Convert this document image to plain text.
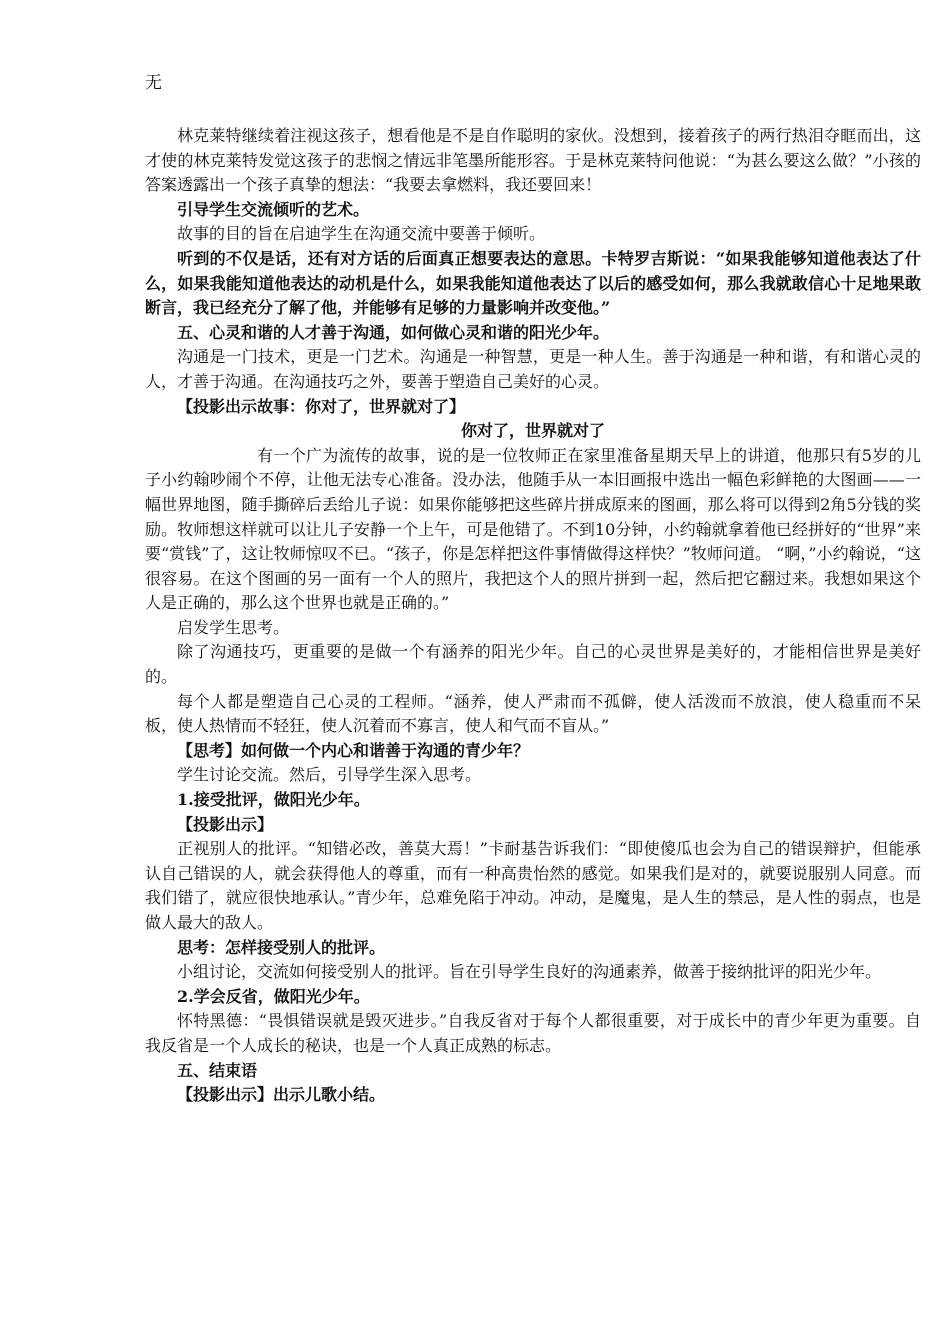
无

林克莱特继续着注视这孩子，想看他是不是自作聪明的家伙。没想到，接着孩子的两行热泪夺眶而出，这才使的林克莱特发觉这孩子的悲悯之情远非笔墨所能形容。于是林克莱特问他说：“为甚么要这么做？”小孩的答案透露出一个孩子真挚的想法：“我要去拿燃料，我还要回来！

引导学生交流倾听的艺术。

故事的目的旨在启迪学生在沟通交流中要善于倾听。

听到的不仅是话，还有对方话的后面真正想要表达的意思。卡特罗吉斯说：“如果我能够知道他表达了什么，如果我能知道他表达的动机是什么，如果我能知道他表达了以后的感受如何，那么我就敢信心十足地果敢断言，我已经充分了解了他，并能够有足够的力量影响并改变他。”

五、心灵和谐的人才善于沟通，如何做心灵和谐的阳光少年。

沟通是一门技术，更是一门艺术。沟通是一种智慧，更是一种人生。善于沟通是一种和谐，有和谐心灵的人，才善于沟通。在沟通技巧之外，要善于塑造自己美好的心灵。

【投影出示故事：你对了，世界就对了】

你对了，世界就对了

有一个广为流传的故事，说的是一位牧师正在家里准备星期天早上的讲道，他那只有5岁的儿子小约翰吵闹个不停，让他无法专心准备。没办法，他随手从一本旧画报中选出一幅色彩鲜艳的大图画——一幅世界地图，随手撕碎后丢给儿子说：如果你能够把这些碎片拼成原来的图画，那么将可以得到2角5分钱的奖励。牧师想这样就可以让儿子安静一个上午，可是他错了。不到10分钟，小约翰就拿着他已经拼好的“世界”来要“赏钱”了，这让牧师惊叹不已。“孩子，你是怎样把这件事情做得这样快？”牧师问道。 “啊，”小约翰说，“这很容易。在这个图画的另一面有一个人的照片，我把这个人的照片拼到一起，然后把它翻过来。我想如果这个人是正确的，那么这个世界也就是正确的。”

启发学生思考。

除了沟通技巧，更重要的是做一个有涵养的阳光少年。自己的心灵世界是美好的，才能相信世界是美好的。

每个人都是塑造自己心灵的工程师。“涵养，使人严肃而不孤僻，使人活泼而不放浪，使人稳重而不呆板，使人热情而不轻狂，使人沉着而不寡言，使人和气而不盲从。”

【思考】如何做一个内心和谐善于沟通的青少年？

学生讨论交流。然后，引导学生深入思考。

1.接受批评，做阳光少年。

【投影出示】

正视别人的批评。“知错必改，善莫大焉！”卡耐基告诉我们：“即使傻瓜也会为自己的错误辩护，但能承认自己错误的人，就会获得他人的尊重，而有一种高贵怡然的感觉。如果我们是对的，就要说服别人同意。而我们错了，就应很快地承认。”青少年，总难免陷于冲动。冲动，是魔鬼，是人生的禁忌，是人性的弱点，也是做人最大的敌人。

思考：怎样接受别人的批评。

小组讨论，交流如何接受别人的批评。旨在引导学生良好的沟通素养，做善于接纳批评的阳光少年。

2.学会反省，做阳光少年。

怀特黑德：“畏惧错误就是毁灭进步。”自我反省对于每个人都很重要，对于成长中的青少年更为重要。自我反省是一个人成长的秘诀，也是一个人真正成熟的标志。

五、结束语

【投影出示】出示儿歌小结。
